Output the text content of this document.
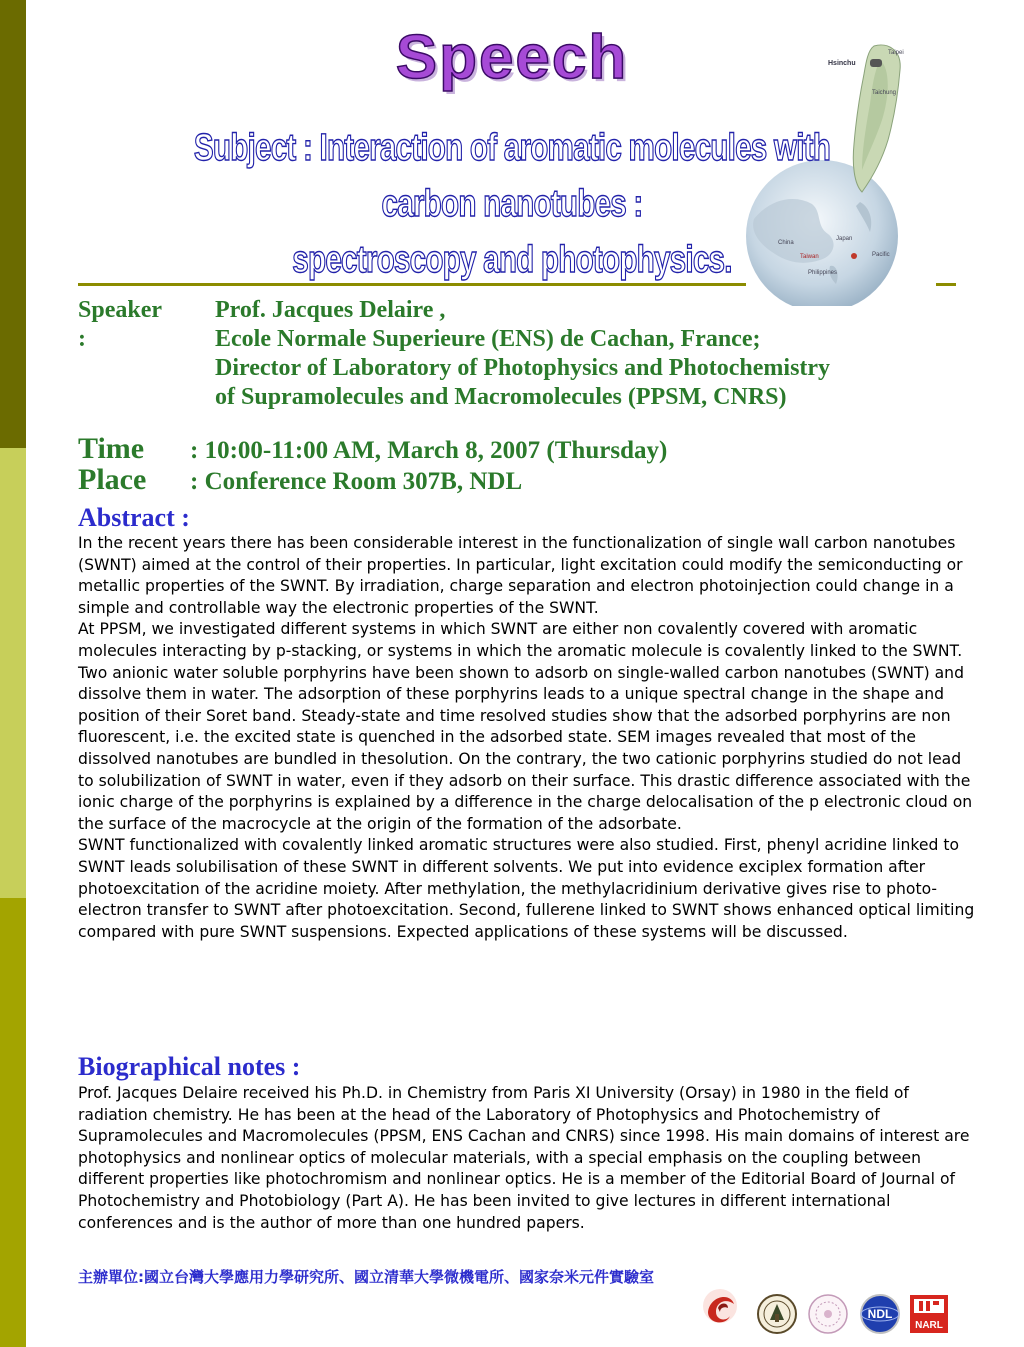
Hsinchu
Taipei
Taichung
China
Japan
Taiwan	Pacific
Philippines
Speech
Subject : Interaction of aromatic molecules with carbon nanotubes :
spectroscopy and photophysics.
Speaker :
Prof. Jacques Delaire ,
Ecole Normale Superieure (ENS) de Cachan, France;
Director of Laboratory of Photophysics and Photochemistry
of Supramolecules and Macromolecules (PPSM, CNRS)
Time : 10:00-11:00 AM, March 8, 2007 (Thursday)
Place : Conference Room 307B, NDL
Abstract :

In the recent years there has been considerable interest in the functionalization of single wall carbon nanotubes (SWNT) aimed at the control of their properties. In particular, light excitation could modify the semiconducting or metallic properties of the SWNT. By irradiation, charge separation and electron photoinjection could change in a simple and controllable way the electronic properties of the SWNT.

At PPSM, we investigated different systems in which SWNT are either non covalently covered with aromatic molecules interacting by p-stacking, or systems in which the aromatic molecule is covalently linked to the SWNT.

Two anionic water soluble porphyrins have been shown to adsorb on single-walled carbon nanotubes (SWNT) and dissolve them in water. The adsorption of these porphyrins leads to a unique spectral change in the shape and position of their Soret band. Steady-state and time resolved studies show that the adsorbed porphyrins are non fluorescent, i.e. the excited state is quenched in the adsorbed state. SEM images revealed that most of the dissolved nanotubes are bundled in thesolution. On the contrary, the two cationic porphyrins studied do not lead to solubilization of SWNT in water, even if they adsorb on their surface. This drastic difference associated with the ionic charge of the porphyrins is explained by a difference in the charge delocalisation of the p electronic cloud on the surface of the macrocycle at the origin of the formation of the adsorbate.

SWNT functionalized with covalently linked aromatic structures were also studied. First, phenyl acridine linked to SWNT leads solubilisation of these SWNT in different solvents. We put into evidence exciplex formation after photoexcitation of the acridine moiety. After methylation, the methylacridinium derivative gives rise to photo-electron transfer to SWNT after photoexcitation. Second, fullerene linked to SWNT shows enhanced optical limiting compared with pure SWNT suspensions. Expected applications of these systems will be discussed.

Biographical notes :

Prof. Jacques Delaire received his Ph.D. in Chemistry from Paris XI University (Orsay) in 1980 in the field of radiation chemistry. He has been at the head of the Laboratory of Photophysics and Photochemistry of Supramolecules and Macromolecules (PPSM, ENS Cachan and CNRS) since 1998. His main domains of interest are photophysics and nonlinear optics of molecular materials, with a special emphasis on the coupling between different properties like photochromism and nonlinear optics. He is a member of the Editorial Board of Journal of Photochemistry and Photobiology (Part A). He has been invited to give lectures in different international conferences and is the author of more than one hundred papers.

主辦單位:國立台灣大學應用力學研究所、國立清華大學微機電所、國家奈米元件實驗室
NDL
NARL
